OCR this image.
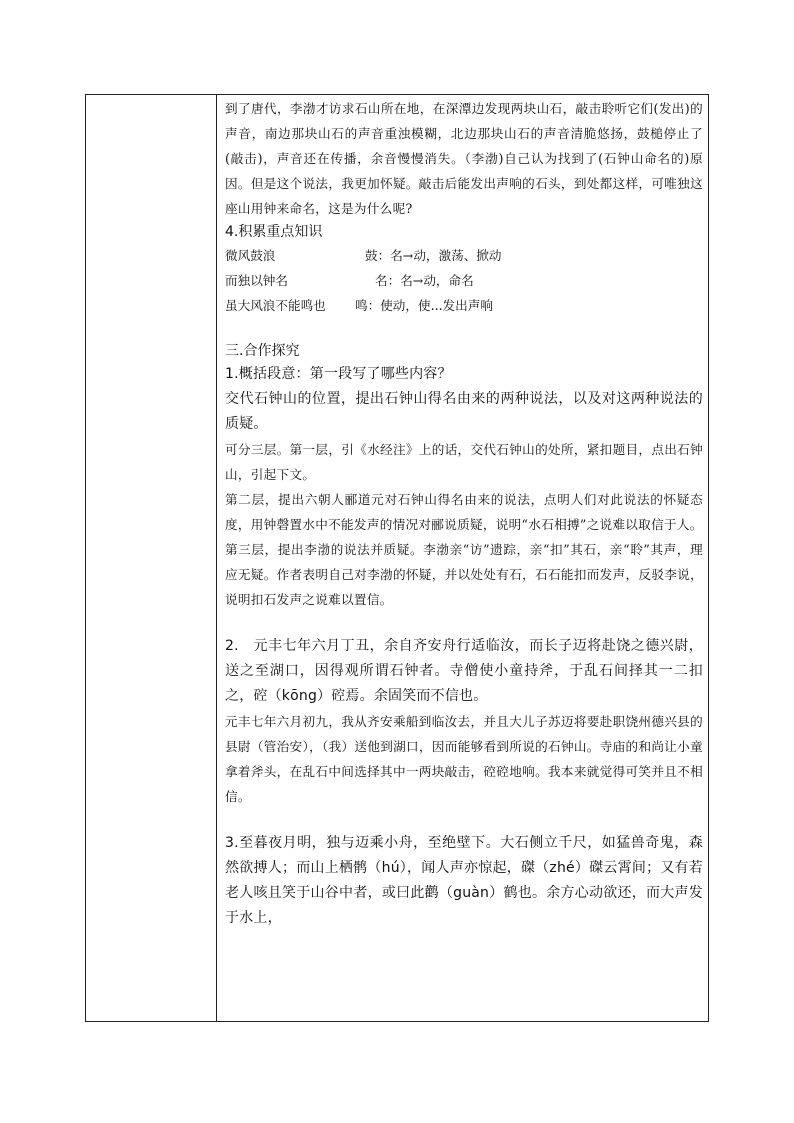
到了唐代，李渤才访求石山所在地，在深潭边发现两块山石，敲击聆听它们(发出)的声音，南边那块山石的声音重浊模糊，北边那块山石的声音清脆悠扬，鼓槌停止了(敲击)，声音还在传播，余音慢慢消失。（李渤)自己认为找到了(石钟山命名的)原因。但是这个说法，我更加怀疑。敲击后能发出声响的石头，到处都这样，可唯独这座山用钟来命名，这是为什么呢?

4.积累重点知识

微风鼓浪	鼓：名→动，激荡、掀动
而独以钟名	名：名→动，命名
虽大风浪不能鸣也	鸣：使动，使...发出声响

三.合作探究

1.概括段意：第一段写了哪些内容？

交代石钟山的位置，提出石钟山得名由来的两种说法，以及对这两种说法的质疑。

可分三层。第一层，引《水经注》上的话，交代石钟山的处所，紧扣题目，点出石钟山，引起下文。

第二层，提出六朝人郦道元对石钟山得名由来的说法，点明人们对此说法的怀疑态度，用钟磬置水中不能发声的情况对郦说质疑，说明“水石相搏”之说难以取信于人。

第三层，提出李渤的说法并质疑。李渤亲“访”遗踪，亲“扣”其石，亲“聆”其声，理应无疑。作者表明自己对李渤的怀疑，并以处处有石，石石能扣而发声，反驳李说，说明扣石发声之说难以置信。

2.　元丰七年六月丁丑，余自齐安舟行适临汝，而长子迈将赴饶之德兴尉，送之至湖口，因得观所谓石钟者。寺僧使小童持斧，于乱石间择其一二扣之，硿（kōng）硿焉。余固笑而不信也。

元丰七年六月初九，我从齐安乘船到临汝去，并且大儿子苏迈将要赴职饶州德兴县的县尉（管治安），（我）送他到湖口，因而能够看到所说的石钟山。寺庙的和尚让小童拿着斧头，在乱石中间选择其中一两块敲击，硿硿地响。我本来就觉得可笑并且不相信。

3.至暮夜月明，独与迈乘小舟，至绝壁下。大石侧立千尺，如猛兽奇鬼，森然欲搏人；而山上栖鹘（hú），闻人声亦惊起，磔（zhé）磔云霄间；又有若老人咳且笑于山谷中者，或曰此鹳（guàn）鹤也。余方心动欲还，而大声发于水上，
